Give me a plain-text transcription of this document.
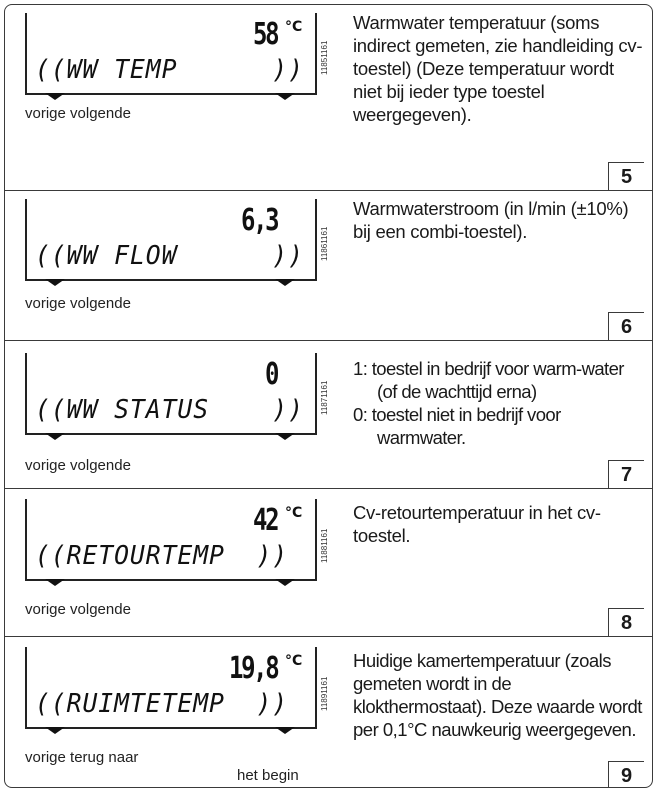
58 °C
((WW TEMP      ))
vorige volgende
11851161

Warmwater temperatuur (soms indirect gemeten, zie handleiding cv-toestel) (Deze temperatuur wordt niet bij ieder type toestel weergegeven).

5
6,3
((WW FLOW      ))
vorige volgende
11861161

Warmwaterstroom (in l/min (±10%) bij een combi-toestel).

6
0
((WW STATUS    ))
vorige volgende
11871161

1: toestel in bedrijf voor warm-water (of de wachttijd erna)

0: toestel niet in bedrijf voor warmwater.

7
42 °C
((RETOURTEMP  ))
vorige volgende
11881161

Cv-retourtemperatuur in het cv-toestel.

8
19,8 °C
((RUIMTETEMP  ))
vorige terug naar
het begin
11891161

Huidige kamertemperatuur (zoals gemeten wordt in de klokthermostaat). Deze waarde wordt per 0,1°C nauwkeurig weergegeven.

9
